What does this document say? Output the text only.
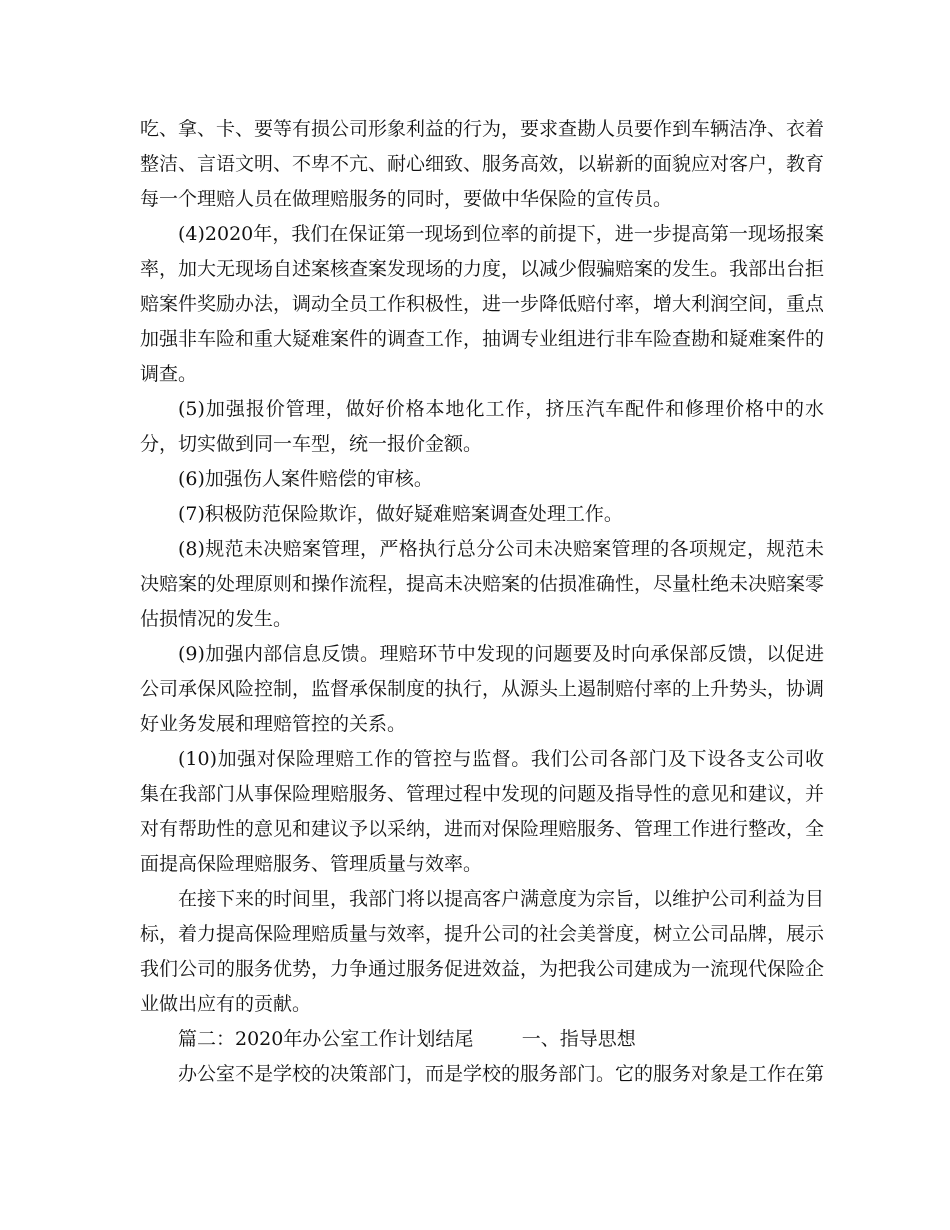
吃、拿、卡、要等有损公司形象利益的行为，要求查勘人员要作到车辆洁净、衣着整洁、言语文明、不卑不亢、耐心细致、服务高效，以崭新的面貌应对客户，教育每一个理赔人员在做理赔服务的同时，要做中华保险的宣传员。

(4)2020年，我们在保证第一现场到位率的前提下，进一步提高第一现场报案率，加大无现场自述案核查案发现场的力度，以减少假骗赔案的发生。我部出台拒赔案件奖励办法，调动全员工作积极性，进一步降低赔付率，增大利润空间，重点加强非车险和重大疑难案件的调查工作，抽调专业组进行非车险查勘和疑难案件的调查。

(5)加强报价管理，做好价格本地化工作，挤压汽车配件和修理价格中的水分，切实做到同一车型，统一报价金额。

(6)加强伤人案件赔偿的审核。

(7)积极防范保险欺诈，做好疑难赔案调查处理工作。

(8)规范未决赔案管理，严格执行总分公司未决赔案管理的各项规定，规范未决赔案的处理原则和操作流程，提高未决赔案的估损准确性，尽量杜绝未决赔案零估损情况的发生。

(9)加强内部信息反馈。理赔环节中发现的问题要及时向承保部反馈，以促进公司承保风险控制，监督承保制度的执行，从源头上遏制赔付率的上升势头，协调好业务发展和理赔管控的关系。

(10)加强对保险理赔工作的管控与监督。我们公司各部门及下设各支公司收集在我部门从事保险理赔服务、管理过程中发现的问题及指导性的意见和建议，并对有帮助性的意见和建议予以采纳，进而对保险理赔服务、管理工作进行整改，全面提高保险理赔服务、管理质量与效率。

在接下来的时间里，我部门将以提高客户满意度为宗旨，以维护公司利益为目标，着力提高保险理赔质量与效率，提升公司的社会美誉度，树立公司品牌，展示我们公司的服务优势，力争通过服务促进效益，为把我公司建成为一流现代保险企业做出应有的贡献。

篇二：2020年办公室工作计划结尾	一、指导思想

办公室不是学校的决策部门，而是学校的服务部门。它的服务对象是工作在第
